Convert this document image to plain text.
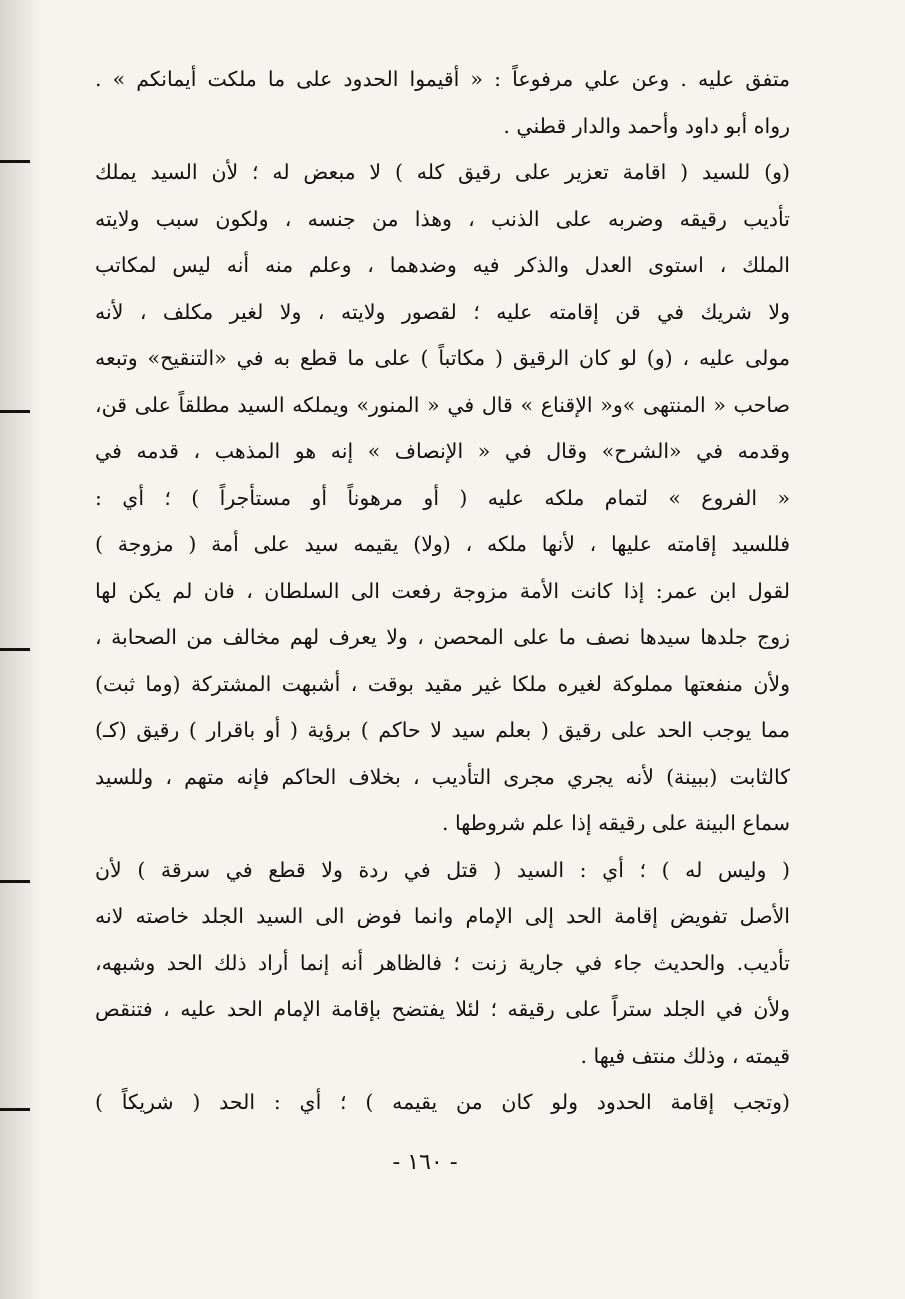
متفق عليه . وعن علي مرفوعاً : « أقيموا الحدود على ما ملكت أيمانكم » .
رواه أبو داود وأحمد والدار قطني .
(و) للسيد ( اقامة تعزير على رقيق كله ) لا مبعض له ؛ لأن السيد يملك
تأديب رقيقه وضربه على الذنب ، وهذا من جنسه ، ولكون سبب ولايته
الملك ، استوى العدل والذكر فيه وضدهما ، وعلم منه أنه ليس لمكاتب
ولا شريك في قن إقامته عليه ؛ لقصور ولايته ، ولا لغير مكلف ، لأنه
مولى عليه ، (و) لو كان الرقيق ( مكاتباً ) على ما قطع به في «التنقيح» وتبعه
صاحب « المنتهى »و« الإقناع » قال في « المنور» ويملكه السيد مطلقاً على قن،
وقدمه في «الشرح» وقال في « الإنصاف » إنه هو المذهب ، قدمه في
« الفروع » لتمام ملكه عليه ( أو مرهوناً أو مستأجراً ) ؛ أي :
فللسيد إقامته عليها ، لأنها ملكه ، (ولا) يقيمه سيد على أمة ( مزوجة )
لقول ابن عمر: إذا كانت الأمة مزوجة رفعت الى السلطان ، فان لم يكن لها
زوج جلدها سيدها نصف ما على المحصن ، ولا يعرف لهم مخالف من الصحابة ،
ولأن منفعتها مملوكة لغيره ملكا غير مقيد بوقت ، أشبهت المشتركة (وما ثبت)
مما يوجب الحد على رقيق ( بعلم سيد لا حاكم ) برؤية ( أو باقرار ) رقيق (كـ)
كالثابت (ببينة) لأنه يجري مجرى التأديب ، بخلاف الحاكم فإنه متهم ، وللسيد
سماع البينة على رقيقه إذا علم شروطها .
( وليس له ) ؛ أي : السيد ( قتل في ردة ولا قطع في سرقة ) لأن
الأصل تفويض إقامة الحد إلى الإمام وانما فوض الى السيد الجلد خاصته لانه
تأديب. والحديث جاء في جارية زنت ؛ فالظاهر أنه إنما أراد ذلك الحد وشبهه،
ولأن في الجلد ستراً على رقيقه ؛ لئلا يفتضح بإقامة الإمام الحد عليه ، فتنقص
قيمته ، وذلك منتف فيها .
(وتجب إقامة الحدود ولو كان من يقيمه ) ؛ أي : الحد ( شريكاً )
- ١٦٠ -
